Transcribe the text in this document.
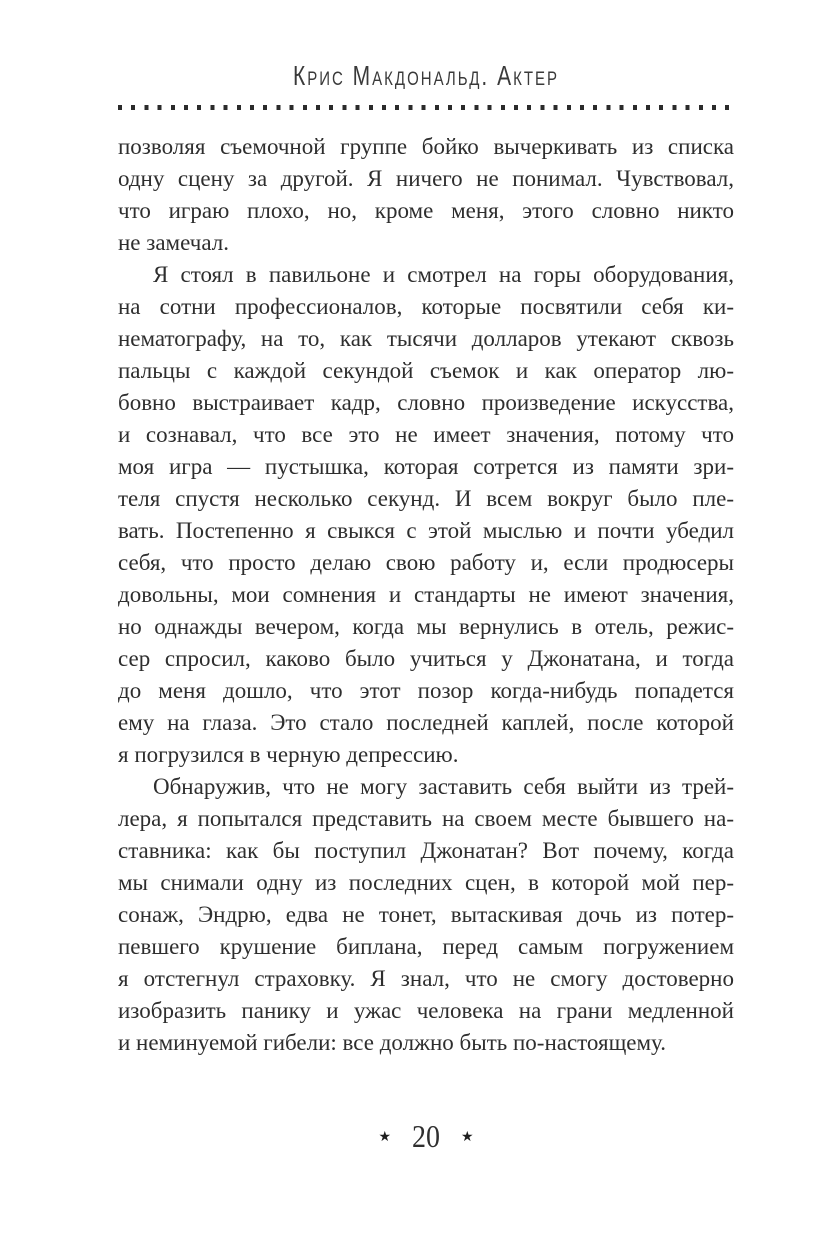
Крис Макдональд. Актер
позволяя съемочной группе бойко вычеркивать из списка
одну сцену за другой. Я ничего не понимал. Чувствовал,
что играю плохо, но, кроме меня, этого словно никто
не замечал.
Я стоял в павильоне и смотрел на горы оборудования,
на сотни профессионалов, которые посвятили себя ки-
нематографу, на то, как тысячи долларов утекают сквозь
пальцы с каждой секундой съемок и как оператор лю-
бовно выстраивает кадр, словно произведение искусства,
и сознавал, что все это не имеет значения, потому что
моя игра — пустышка, которая сотрется из памяти зри-
теля спустя несколько секунд. И всем вокруг было пле-
вать. Постепенно я свыкся с этой мыслью и почти убедил
себя, что просто делаю свою работу и, если продюсеры
довольны, мои сомнения и стандарты не имеют значения,
но однажды вечером, когда мы вернулись в отель, режис-
сер спросил, каково было учиться у Джонатана, и тогда
до меня дошло, что этот позор когда-нибудь попадется
ему на глаза. Это стало последней каплей, после которой
я погрузился в черную депрессию.
Обнаружив, что не могу заставить себя выйти из трей-
лера, я попытался представить на своем месте бывшего на-
ставника: как бы поступил Джонатан? Вот почему, когда
мы снимали одну из последних сцен, в которой мой пер-
сонаж, Эндрю, едва не тонет, вытаскивая дочь из потер-
певшего крушение биплана, перед самым погружением
я отстегнул страховку. Я знал, что не смогу достоверно
изобразить панику и ужас человека на грани медленной
и неминуемой гибели: все должно быть по-настоящему.
★ 20 ★
